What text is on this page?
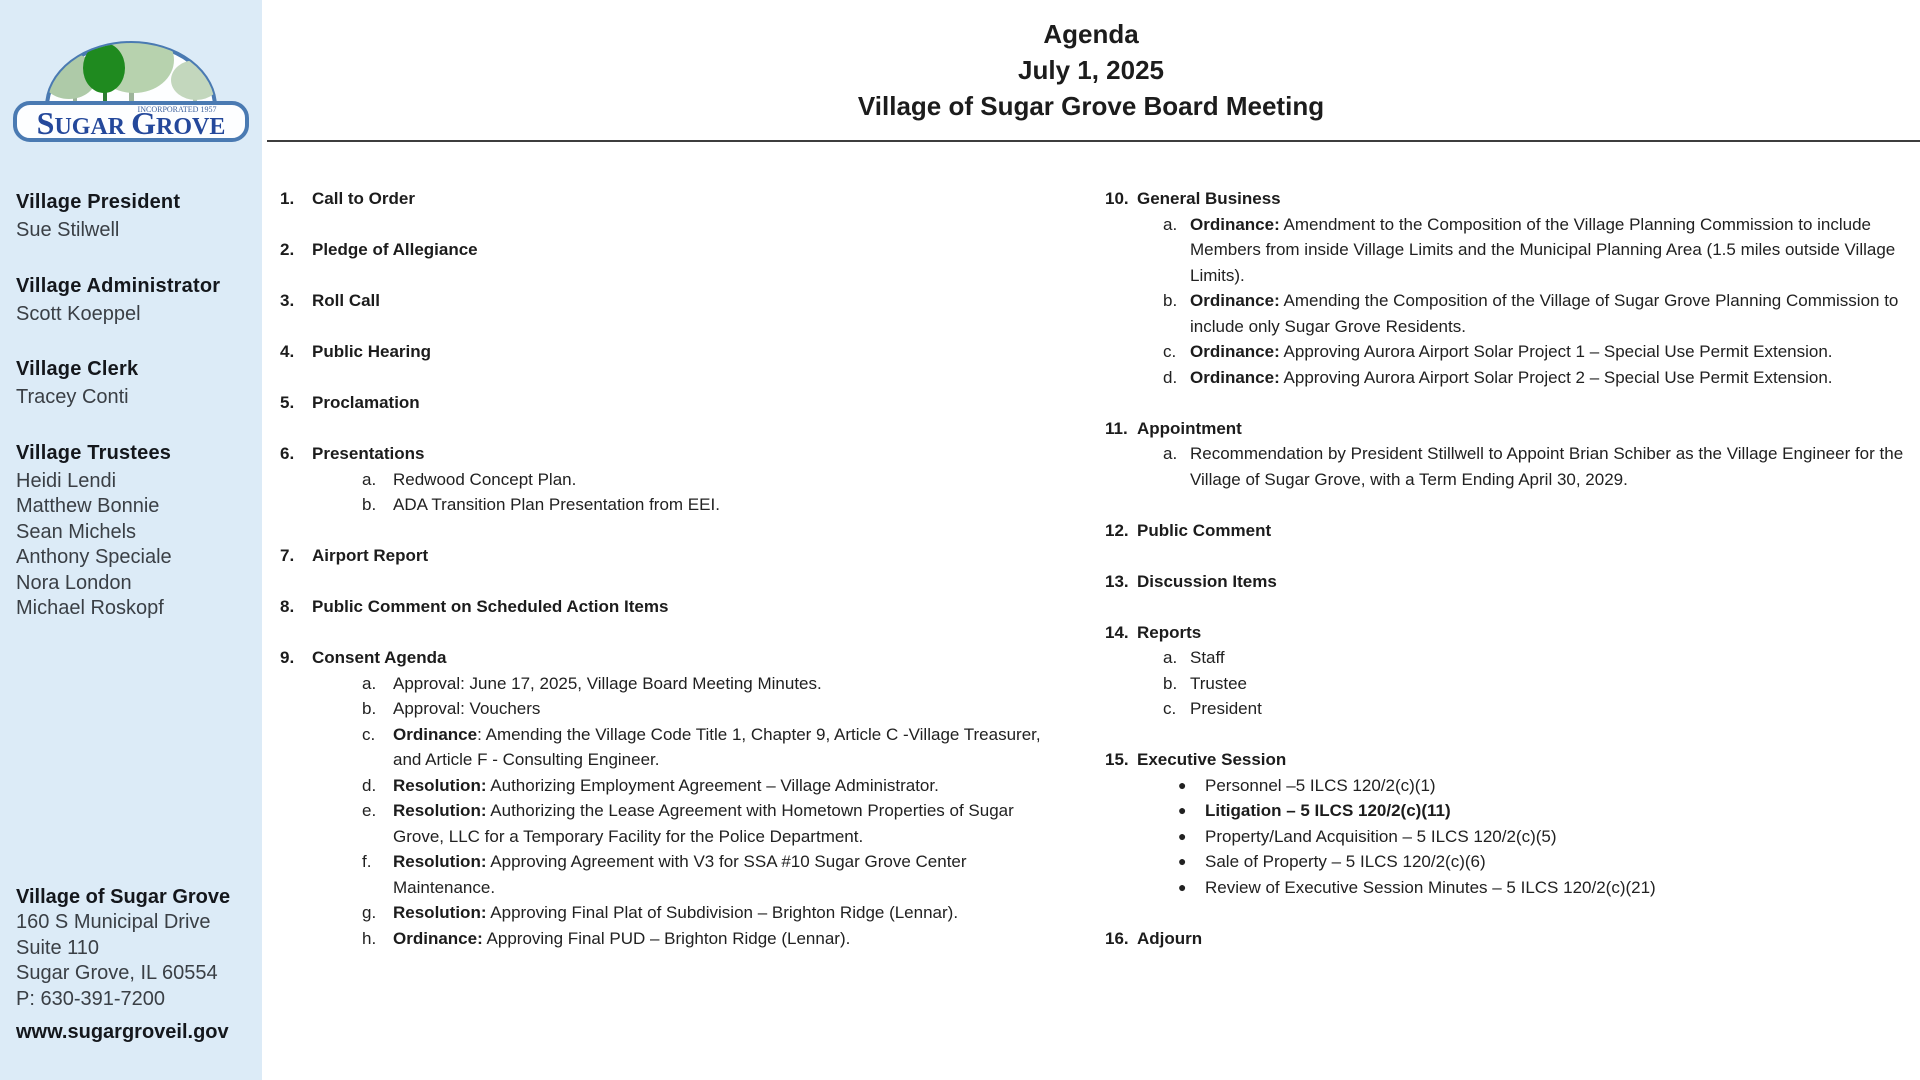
INCORPORATED 1957
SUGAR GROVE
Village President
Sue Stilwell
Village Administrator
Scott Koeppel
Village Clerk
Tracey Conti
Village Trustees
Heidi Lendi
Matthew Bonnie
Sean Michels
Anthony Speciale
Nora London
Michael Roskopf
Village of Sugar Grove
160 S Municipal Drive
Suite 110
Sugar Grove, IL 60554
P: 630-391-7200
www.sugargroveil.gov
Agenda
July 1, 2025
Village of Sugar Grove Board Meeting
1.	Call to Order
2.	Pledge of Allegiance
3.	Roll Call
4.	Public Hearing
5.	Proclamation
6.	Presentations
a. Redwood Concept Plan.
b. ADA Transition Plan Presentation from EEI.
7.	Airport Report
8.	Public Comment on Scheduled Action Items
9.	Consent Agenda
a. Approval: June 17, 2025, Village Board Meeting Minutes.
b. Approval: Vouchers
c.	Ordinance: Amending the Village Code Title 1, Chapter 9, Article C -Village Treasurer, and Article F - Consulting Engineer.
d. Resolution: Authorizing Employment Agreement – Village Administrator.
e. Resolution: Authorizing the Lease Agreement with Hometown Properties of Sugar Grove, LLC for a Temporary Facility for the Police Department.
f.	Resolution: Approving Agreement with V3 for SSA #10 Sugar Grove Center Maintenance.
g. Resolution: Approving Final Plat of Subdivision – Brighton Ridge (Lennar).
h. Ordinance: Approving Final PUD – Brighton Ridge (Lennar).
10. General Business
a. Ordinance: Amendment to the Composition of the Village Planning Commission to include Members from inside Village Limits and the Municipal Planning Area (1.5 miles outside Village Limits).
b. Ordinance: Amending the Composition of the Village of Sugar Grove Planning Commission to include only Sugar Grove Residents.
c. Ordinance: Approving Aurora Airport Solar Project 1 – Special Use Permit Extension.
d. Ordinance: Approving Aurora Airport Solar Project 2 – Special Use Permit Extension.
11. Appointment
a. Recommendation by President Stillwell to Appoint Brian Schiber as the Village Engineer for the Village of Sugar Grove, with a Term Ending April 30, 2029.
12. Public Comment
13. Discussion Items
14. Reports
a. Staff
b. Trustee
c. President
15. Executive Session
●	Personnel –5 ILCS 120/2(c)(1)
●	Litigation – 5 ILCS 120/2(c)(11)
●	Property/Land Acquisition – 5 ILCS 120/2(c)(5)
●	Sale of Property – 5 ILCS 120/2(c)(6)
●	Review of Executive Session Minutes – 5 ILCS 120/2(c)(21)
16. Adjourn
